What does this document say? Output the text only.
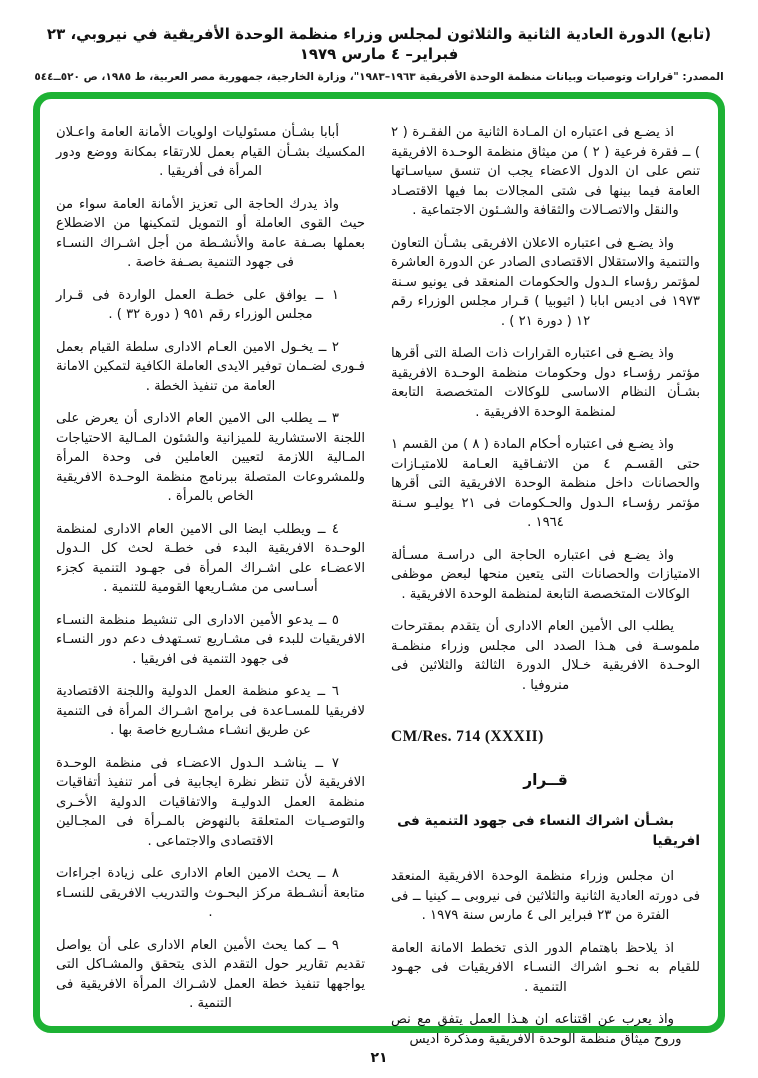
(تابع) الدورة العادية الثانية والثلاثون لمجلس وزراء منظمة الوحدة الأفريقية في نيروبي، ٢٣ فبراير– ٤ مارس ١٩٧٩
المصدر: "قرارات وتوصيات وبيانات منظمة الوحدة الأفريقية ١٩٦٣–١٩٨٣"، وزارة الخارجية، جمهورية مصر العربية، ط ١٩٨٥، ص ٥٢٠ــ٥٤٤

اذ يضـع فى اعتباره ان المـادة الثانية من الفقـرة ( ٢ ) ــ فقرة فرعية ( ٢ ) من ميثاق منظمة الوحـدة الافريقية تنص على ان الدول الاعضاء يجب ان تنسق سياسـاتها العامة فيما بينها فى شتى المجالات بما فيها الاقتصـاد والنقل والاتصـالات والثقافة والشـئون الاجتماعية .

واذ يضـع فى اعتباره الاعلان الافريقى بشـأن التعاون والتنمية والاستقلال الاقتصادى الصادر عن الدورة العاشرة لمؤتمر رؤساء الـدول والحكومات المنعقد فى يونيو سـنة ١٩٧٣ فى اديس ابابا ( اثيوبيا ) قـرار مجلس الوزراء رقم ١٢ ( دورة ٢١ ) .

واذ يضـع فى اعتباره القرارات ذات الصلة التى أقرها مؤتمر رؤسـاء دول وحكومات منظمة الوحـدة الافريقية بشـأن النظام الاساسى للوكالات المتخصصة التابعة لمنظمة الوحدة الافريقية .

واذ يضـع فى اعتباره أحكام المادة ( ٨ ) من القسم ١ حتى القسـم ٤ من الاتفـاقية العـامة للامتيـازات والحصانات داخل منظمة الوحدة الافريقية التى أقرها مؤتمر رؤسـاء الـدول والحـكومات فى ٢١ يوليـو سـنة ١٩٦٤ .

واذ يضـع فى اعتباره الحاجة الى دراسـة مسـألة الامتيازات والحصانات التى يتعين منحها لبعض موظفى الوكالات المتخصصة التابعة لمنظمة الوحدة الافريقية .

يطلب الى الأمين العام الادارى أن يتقدم بمقترحات ملموسـة فى هـذا الصدد الى مجلس وزراء منظمـة الوحـدة الافريقية خـلال الدورة الثالثة والثلاثين فى منروفيا .

CM/Res. 714 (XXXII)

قــرار

بشـأن اشراك النساء فى جهود التنمية فى افريقيا

ان مجلس وزراء منظمة الوحدة الافريقية المنعقد فى دورته العادية الثانية والثلاثين فى نيروبى ــ كينيا ــ فى الفترة من ٢٣ فبراير الى ٤ مارس سنة ١٩٧٩ .

اذ يلاحظ باهتمام الدور الذى تخطط الامانة العامة للقيام به نحـو اشراك النسـاء الافريقيات فى جهـود التنمية .

واذ يعرب عن اقتناعه ان هـذا العمل يتفق مع نص وروح ميثاق منظمة الوحدة الافريقية ومذكرة اديس

أبابا بشـأن مسئوليات اولويات الأمانة العامة واعـلان المكسيك بشـأن القيام بعمل للارتقاء بمكانة ووضع ودور المرأة فى أفريقيا .

واذ يدرك الحاجة الى تعزيز الأمانة العامة سواء من حيث القوى العاملة أو التمويل لتمكينها من الاضطلاع بعملها بصـفة عامة والأنشـطة من أجل اشـراك النسـاء فى جهود التنمية بصـفة خاصة .

١ ــ يوافق على خطـة العمل الواردة فى قـرار مجلس الوزراء رقم ٩٥١ ( دورة ٣٢ ) .

٢ ــ يخـول الامين العـام الادارى سلطة القيام بعمل فـورى لضـمان توفير الايدى العاملة الكافية لتمكين الامانة العامة من تنفيذ الخطة .

٣ ــ يطلب الى الامين العام الادارى أن يعرض على اللجنة الاستشارية للميزانية والشئون المـالية الاحتياجات المـالية اللازمة لتعيين العاملين فى وحدة المرأة وللمشروعات المتصلة ببرنامج منظمة الوحـدة الافريقية الخاص بالمرأة .

٤ ــ ويطلب ايضا الى الامين العام الادارى لمنظمة الوحـدة الافريقية البدء فى خطـة لحث كل الـدول الاعضـاء على اشـراك المرأة فى جهـود التنمية كجزء أسـاسى من مشـاريعها القومية للتنمية .

٥ ــ يدعو الأمين الادارى الى تنشيط منظمة النسـاء الافريقيات للبدء فى مشـاريع تسـتهدف دعم دور النسـاء فى جهود التنمية فى افريقيا .

٦ ــ يدعو منظمة العمل الدولية واللجنة الاقتصادية لافريقيا للمسـاعدة فى برامج اشـراك المرأة فى التنمية عن طريق انشـاء مشـاريع خاصة بها .

٧ ــ يناشـد الـدول الاعضـاء فى منظمة الوحـدة الافريقية لأن تنظر نظرة ايجابية فى أمر تنفيذ أتفاقيات منظمة العمل الدوليـة والاتفاقيات الدولية الأخـرى والتوصـيات المتعلقة بالنهوض بالمـرأة فى المجـالين الاقتصادى والاجتماعى .

٨ ــ يحث الامين العام الادارى على زيادة اجراءات متابعة أنشـطة مركز البحـوث والتدريب الافريقى للنسـاء .

٩ ــ كما يحث الأمين العام الادارى على أن يواصل تقديم تقارير حول التقدم الذى يتحقق والمشـاكل التى يواجهها تنفيذ خطة العمل لاشـراك المرأة الافريقية فى التنمية .

٢١
